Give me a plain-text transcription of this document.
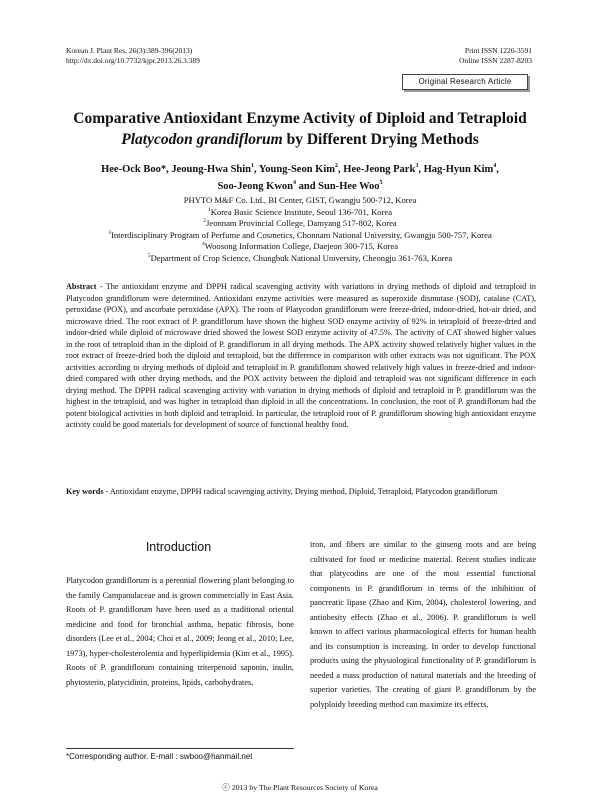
Korean J. Plant Res. 26(3):389-396(2013)
http://dx.doi.org/10.7732/kjpr.2013.26.3.389
Print ISSN 1226-3591
Online ISSN 2287-8203
Original Research Article
Comparative Antioxidant Enzyme Activity of Diploid and Tetraploid
Platycodon grandiflorum by Different Drying Methods
Hee-Ock Boo*, Jeoung-Hwa Shin$^1$, Young-Seon Kim$^2$, Hee-Jeong Park$^3$, Hag-Hyun Kim$^4$,
Soo-Jeong Kwon$^4$ and Sun-Hee Woo$^5$
PHYTO M&F Co. Ltd., BI Center, GIST, Gwangju 500-712, Korea
$^1$Korea Basic Science Institute, Seoul 136-701, Korea
$^2$Jeonnam Provincial College, Damyang 517-802, Korea
$^3$Interdisciplinary Program of Perfume and Cosmetics, Chonnam National University, Gwangju 500-757, Korea
$^4$Woosong Information College, Daejeon 300-715, Korea
$^5$Department of Crop Science, Chungbuk National University, Cheongju 361-763, Korea
Abstract - The antioxidant enzyme and DPPH radical scavenging activity with variations in drying methods of diploid and tetraploid in Platycodon grandiflorum were determined. Antioxidant enzyme activities were measured as superoxide dismutase (SOD), catalase (CAT), peroxidase (POX), and ascorbate peroxidase (APX). The roots of Platycodon grandiflorum were freeze-dried, indoor-dried, hot-air dried, and microwave dried. The root extract of P. grandiflorum have shown the highest SOD enzyme activity of 92% in tetraploid of freeze-dried and indoor-dried while diploid of microwave dried showed the lowest SOD enzyme activity of 47.5%. The activity of CAT showed higher values in the root of tetraploid than in the diploid of P. grandiflorum in all drying methods. The APX activity showed relatively higher values in the root extract of freeze-dried both the diploid and tetraploid, but the difference in comparison with other extracts was not significant. The POX activities according to drying methods of diploid and tetraploid in P. grandiflorum showed relatively high values in freeze-dried and indoor-dried compared with other drying methods, and the POX activity between the diploid and tetraploid was not significant difference in each drying method. The DPPH radical scavenging activity with variation in drying methods of diploid and tetraploid in P. grandiflorum was the highest in the tetraploid, and was higher in tetraploid than diploid in all the concentrations. In conclusion, the root of P. grandiflorum had the potent biological activities in both diploid and tetraploid. In particular, the tetraploid root of P. grandiflorum showing high antioxidant enzyme activity could be good materials for development of source of functional healthy food.
Key words - Antioxidant enzyme, DPPH radical scavenging activity, Drying method, Diploid, Tetraploid, Platycodon grandiflorum
Introduction
Platycodon grandiflorum is a perennial flowering plant belonging to the family Campanulaceae and is grown commercially in East Asia. Roots of P. grandiflorum have been used as a traditional oriental medicine and food for bronchial asthma, hepatic fibrosis, bone disorders (Lee et al., 2004; Choi et al., 2009; Jeong et al., 2010; Lee, 1973), hyper-cholesterolemia and hyperlipidemia (Kim et al., 1995). Roots of P. grandiflorum containing triterpenoid saponin, inulin, phytosterin, platycidinin, proteins, lipids, carbohydrates,
iron, and fibers are similar to the ginseng roots and are being cultivated for food or medicine material. Recent studies indicate that platycodins are one of the most essential functional components in P. grandiflorum in terms of the inhibition of pancreatic lipase (Zhao and Kim, 2004), cholesterol lowering, and antiobesity effects (Zhao et al., 2006). P. grandiflorum is well known to affect various pharmacological effects for human health and its consumption is increasing. In order to develop functional products using the physiological functionality of P. grandiflorum is needed a mass production of natural materials and the breeding of superior varieties. The creating of giant P. grandiflorum by the polyploidy breeding method can maximize its effects.
*Corresponding author. E-mail : swboo@hanmail.net
ⓒ 2013 by The Plant Resources Society of Korea
